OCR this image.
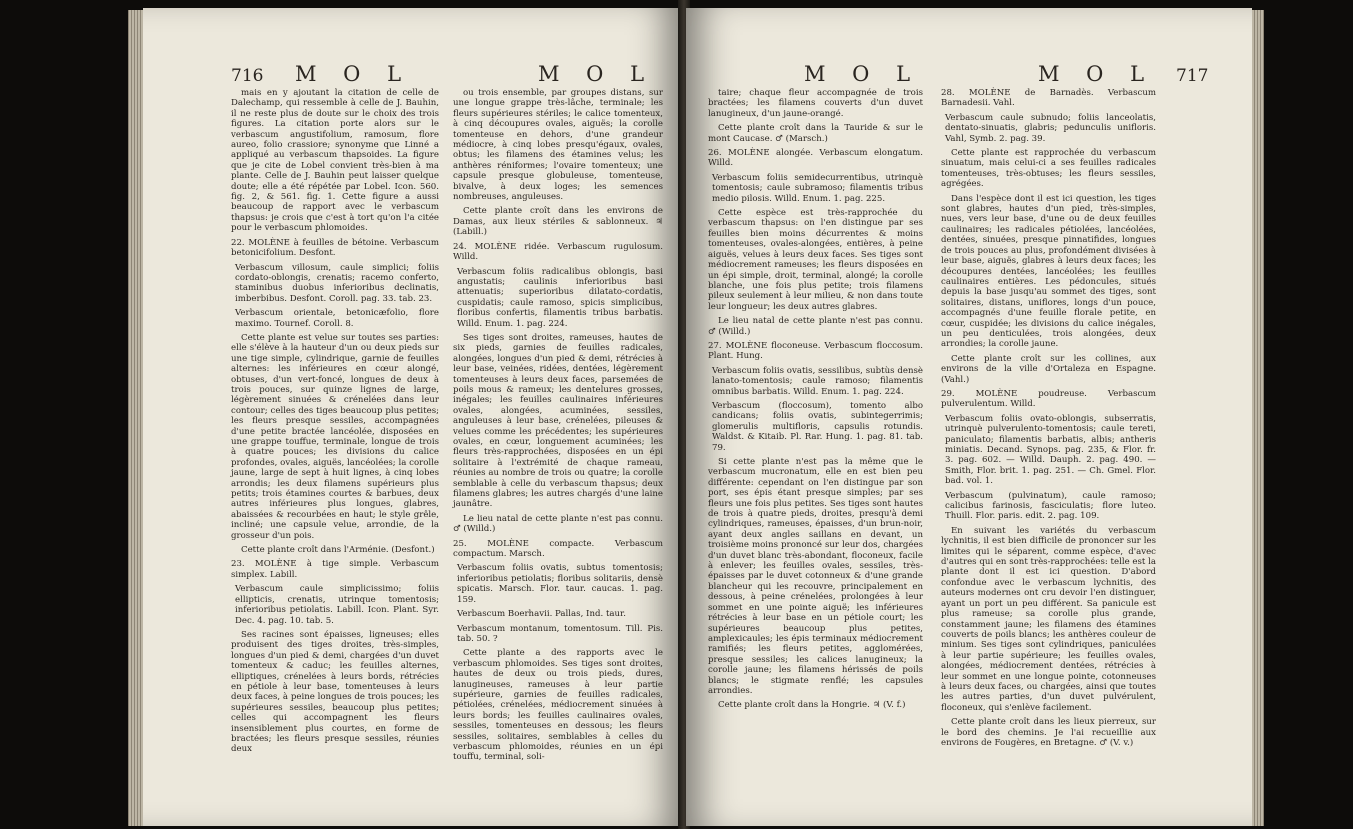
716 M O L	M O L

mais en y ajoutant la citation de celle de Dalechamp, qui ressemble à celle de J. Bauhin, il ne reste plus de doute sur le choix des trois figures. La citation porte alors sur le verbascum angustifolium, ramosum, flore aureo, folio crassiore; synonyme que Linné a appliqué au verbascum thapsoides. La figure que je cite de Lobel convient très-bien à ma plante. Celle de J. Bauhin peut laisser quelque doute; elle a été répétée par Lobel. Icon. 560. fig. 2, & 561. fig. 1. Cette figure a aussi beaucoup de rapport avec le verbascum thapsus: je crois que c'est à tort qu'on l'a citée pour le verbascum phlomoides.

22. MOLÈNE à feuilles de bétoine. Verbascum betonicifolium. Desfont.

Verbascum villosum, caule simplici; foliis cordato-oblongis, crenatis; racemo conferto, staminibus duobus inferioribus declinatis, imberbibus. Desfont. Coroll. pag. 33. tab. 23.

Verbascum orientale, betonicæfolio, flore maximo. Tournef. Coroll. 8.

Cette plante est velue sur toutes ses parties: elle s'élève à la hauteur d'un ou deux pieds sur une tige simple, cylindrique, garnie de feuilles alternes: les inférieures en cœur alongé, obtuses, d'un vert-foncé, longues de deux à trois pouces, sur quinze lignes de large, légèrement sinuées & crénelées dans leur contour; celles des tiges beaucoup plus petites; les fleurs presque sessiles, accompagnées d'une petite bractée lancéolée, disposées en une grappe touffue, terminale, longue de trois à quatre pouces; les divisions du calice profondes, ovales, aiguës, lancéolées; la corolle jaune, large de sept à huit lignes, à cinq lobes arrondis; les deux filamens supérieurs plus petits; trois étamines courtes & barbues, deux autres inférieures plus longues, glabres, abaissées & recourbées en haut; le style grêle, incliné; une capsule velue, arrondie, de la grosseur d'un pois.

Cette plante croît dans l'Arménie. (Desfont.)

23. MOLÈNE à tige simple. Verbascum simplex. Labill.

Verbascum caule simplicissimo; foliis ellipticis, crenatis, utrinque tomentosis; inferioribus petiolatis. Labill. Icon. Plant. Syr. Dec. 4. pag. 10. tab. 5.

Ses racines sont épaisses, ligneuses; elles produisent des tiges droites, très-simples, longues d'un pied & demi, chargées d'un duvet tomenteux & caduc; les feuilles alternes, elliptiques, crénelées à leurs bords, rétrécies en pétiole à leur base, tomenteuses à leurs deux faces, à peine longues de trois pouces; les supérieures sessiles, beaucoup plus petites; celles qui accompagnent les fleurs insensiblement plus courtes, en forme de bractées; les fleurs presque sessiles, réunies deux

ou trois ensemble, par groupes distans, sur une longue grappe très-lâche, terminale; les fleurs supérieures stériles; le calice tomenteux, à cinq découpures ovales, aiguës; la corolle tomenteuse en dehors, d'une grandeur médiocre, à cinq lobes presqu'égaux, ovales, obtus; les filamens des étamines velus; les anthères réniformes; l'ovaire tomenteux; une capsule presque globuleuse, tomenteuse, bivalve, à deux loges; les semences nombreuses, anguleuses.

Cette plante croît dans les environs de Damas, aux lieux stériles & sablonneux. ♃ (Labill.)

24. MOLÈNE ridée. Verbascum rugulosum. Willd.

Verbascum foliis radicalibus oblongis, basi angustatis; caulinis inferioribus basi attenuatis; superioribus dilatato-cordatis, cuspidatis; caule ramoso, spicis simplicibus, floribus confertis, filamentis tribus barbatis. Willd. Enum. 1. pag. 224.

Ses tiges sont droites, rameuses, hautes de six pieds, garnies de feuilles radicales, alongées, longues d'un pied & demi, rétrécies à leur base, veinées, ridées, dentées, légèrement tomenteuses à leurs deux faces, parsemées de poils mous & rameux; les dentelures grosses, inégales; les feuilles caulinaires inférieures ovales, alongées, acuminées, sessiles, anguleuses à leur base, crénelées, pileuses & velues comme les précédentes; les supérieures ovales, en cœur, longuement acuminées; les fleurs très-rapprochées, disposées en un épi solitaire à l'extrémité de chaque rameau, réunies au nombre de trois ou quatre; la corolle semblable à celle du verbascum thapsus; deux filamens glabres; les autres chargés d'une laine jaunâtre.

Le lieu natal de cette plante n'est pas connu. ♂ (Willd.)

25. MOLÈNE compacte. Verbascum compactum. Marsch.

Verbascum foliis ovatis, subtus tomentosis; inferioribus petiolatis; floribus solitariis, densè spicatis. Marsch. Flor. taur. caucas. 1. pag. 159.

Verbascum Boerhavii. Pallas, Ind. taur.

Verbascum montanum, tomentosum. Till. Pis. tab. 50. ?

Cette plante a des rapports avec le verbascum phlomoides. Ses tiges sont droites, hautes de deux ou trois pieds, dures, lanugineuses, rameuses à leur partie supérieure, garnies de feuilles radicales, pétiolées, crénelées, médiocrement sinuées à leurs bords; les feuilles caulinaires ovales, sessiles, tomenteuses en dessous; les fleurs sessiles, solitaires, semblables à celles du verbascum phlomoides, réunies en un épi touffu, terminal, soli-

M O L	M O L 717

taire; chaque fleur accompagnée de trois bractées; les filamens couverts d'un duvet lanugineux, d'un jaune-orangé.

Cette plante croît dans la Tauride & sur le mont Caucase. ♂ (Marsch.)

26. MOLÈNE alongée. Verbascum elongatum. Willd.

Verbascum foliis semidecurrentibus, utrinquè tomentosis; caule subramoso; filamentis tribus medio pilosis. Willd. Enum. 1. pag. 225.

Cette espèce est très-rapprochée du verbascum thapsus: on l'en distingue par ses feuilles bien moins décurrentes & moins tomenteuses, ovales-alongées, entières, à peine aiguës, velues à leurs deux faces. Ses tiges sont médiocrement rameuses; les fleurs disposées en un épi simple, droit, terminal, alongé; la corolle blanche, une fois plus petite; trois filamens pileux seulement à leur milieu, & non dans toute leur longueur; les deux autres glabres.

Le lieu natal de cette plante n'est pas connu. ♂ (Willd.)

27. MOLÈNE floconeuse. Verbascum floccosum. Plant. Hung.

Verbascum foliis ovatis, sessilibus, subtùs densè lanato-tomentosis; caule ramoso; filamentis omnibus barbatis. Willd. Enum. 1. pag. 224.

Verbascum (floccosum), tomento albo candicans; foliis ovatis, subintegerrimis; glomerulis multifloris, capsulis rotundis. Waldst. & Kitaib. Pl. Rar. Hung. 1. pag. 81. tab. 79.

Si cette plante n'est pas la même que le verbascum mucronatum, elle en est bien peu différente: cependant on l'en distingue par son port, ses épis étant presque simples; par ses fleurs une fois plus petites. Ses tiges sont hautes de trois à quatre pieds, droites, presqu'à demi cylindriques, rameuses, épaisses, d'un brun-noir, ayant deux angles saillans en devant, un troisième moins prononcé sur leur dos, chargées d'un duvet blanc très-abondant, floconeux, facile à enlever; les feuilles ovales, sessiles, très-épaisses par le duvet cotonneux & d'une grande blancheur qui les recouvre, principalement en dessous, à peine crénelées, prolongées à leur sommet en une pointe aiguë; les inférieures rétrécies à leur base en un pétiole court; les supérieures beaucoup plus petites, amplexicaules; les épis terminaux médiocrement ramifiés; les fleurs petites, agglomérées, presque sessiles; les calices lanugineux; la corolle jaune; les filamens hérissés de poils blancs; le stigmate renflé; les capsules arrondies.

Cette plante croît dans la Hongrie. ♃ (V. f.)

28. MOLÈNE de Barnadès. Verbascum Barnadesii. Vahl.

Verbascum caule subnudo; foliis lanceolatis, dentato-sinuatis, glabris; pedunculis unifloris. Vahl, Symb. 2. pag. 39.

Cette plante est rapprochée du verbascum sinuatum, mais celui-ci a ses feuilles radicales tomenteuses, très-obtuses; les fleurs sessiles, agrégées.

Dans l'espèce dont il est ici question, les tiges sont glabres, hautes d'un pied, très-simples, nues, vers leur base, d'une ou de deux feuilles caulinaires; les radicales pétiolées, lancéolées, dentées, sinuées, presque pinnatifides, longues de trois pouces au plus, profondément divisées à leur base, aiguës, glabres à leurs deux faces; les découpures dentées, lancéolées; les feuilles caulinaires entières. Les pédoncules, situés depuis la base jusqu'au sommet des tiges, sont solitaires, distans, uniflores, longs d'un pouce, accompagnés d'une feuille florale petite, en cœur, cuspidée; les divisions du calice inégales, un peu denticulées, trois alongées, deux arrondies; la corolle jaune.

Cette plante croît sur les collines, aux environs de la ville d'Ortaleza en Espagne. (Vahl.)

29. MOLÈNE poudreuse. Verbascum pulverulentum. Willd.

Verbascum foliis ovato-oblongis, subserratis, utrinquè pulverulento-tomentosis; caule tereti, paniculato; filamentis barbatis, albis; antheris miniatis. Decand. Synops. pag. 235, & Flor. fr. 3. pag. 602. — Willd. Dauph. 2. pag. 490. — Smith, Flor. brit. 1. pag. 251. — Ch. Gmel. Flor. bad. vol. 1.

Verbascum (pulvinatum), caule ramoso; calicibus farinosis, fasciculatis; flore luteo. Thuill. Flor. paris. edit. 2. pag. 109.

En suivant les variétés du verbascum lychnitis, il est bien difficile de prononcer sur les limites qui le séparent, comme espèce, d'avec d'autres qui en sont très-rapprochées: telle est la plante dont il est ici question. D'abord confondue avec le verbascum lychnitis, des auteurs modernes ont cru devoir l'en distinguer, ayant un port un peu différent. Sa panicule est plus rameuse; sa corolle plus grande, constamment jaune; les filamens des étamines couverts de poils blancs; les anthères couleur de minium. Ses tiges sont cylindriques, paniculées à leur partie supérieure; les feuilles ovales, alongées, médiocrement dentées, rétrécies à leur sommet en une longue pointe, cotonneuses à leurs deux faces, ou chargées, ainsi que toutes les autres parties, d'un duvet pulvérulent, floconeux, qui s'enlève facilement.

Cette plante croît dans les lieux pierreux, sur le bord des chemins. Je l'ai recueillie aux environs de Fougères, en Bretagne. ♂ (V. v.)
